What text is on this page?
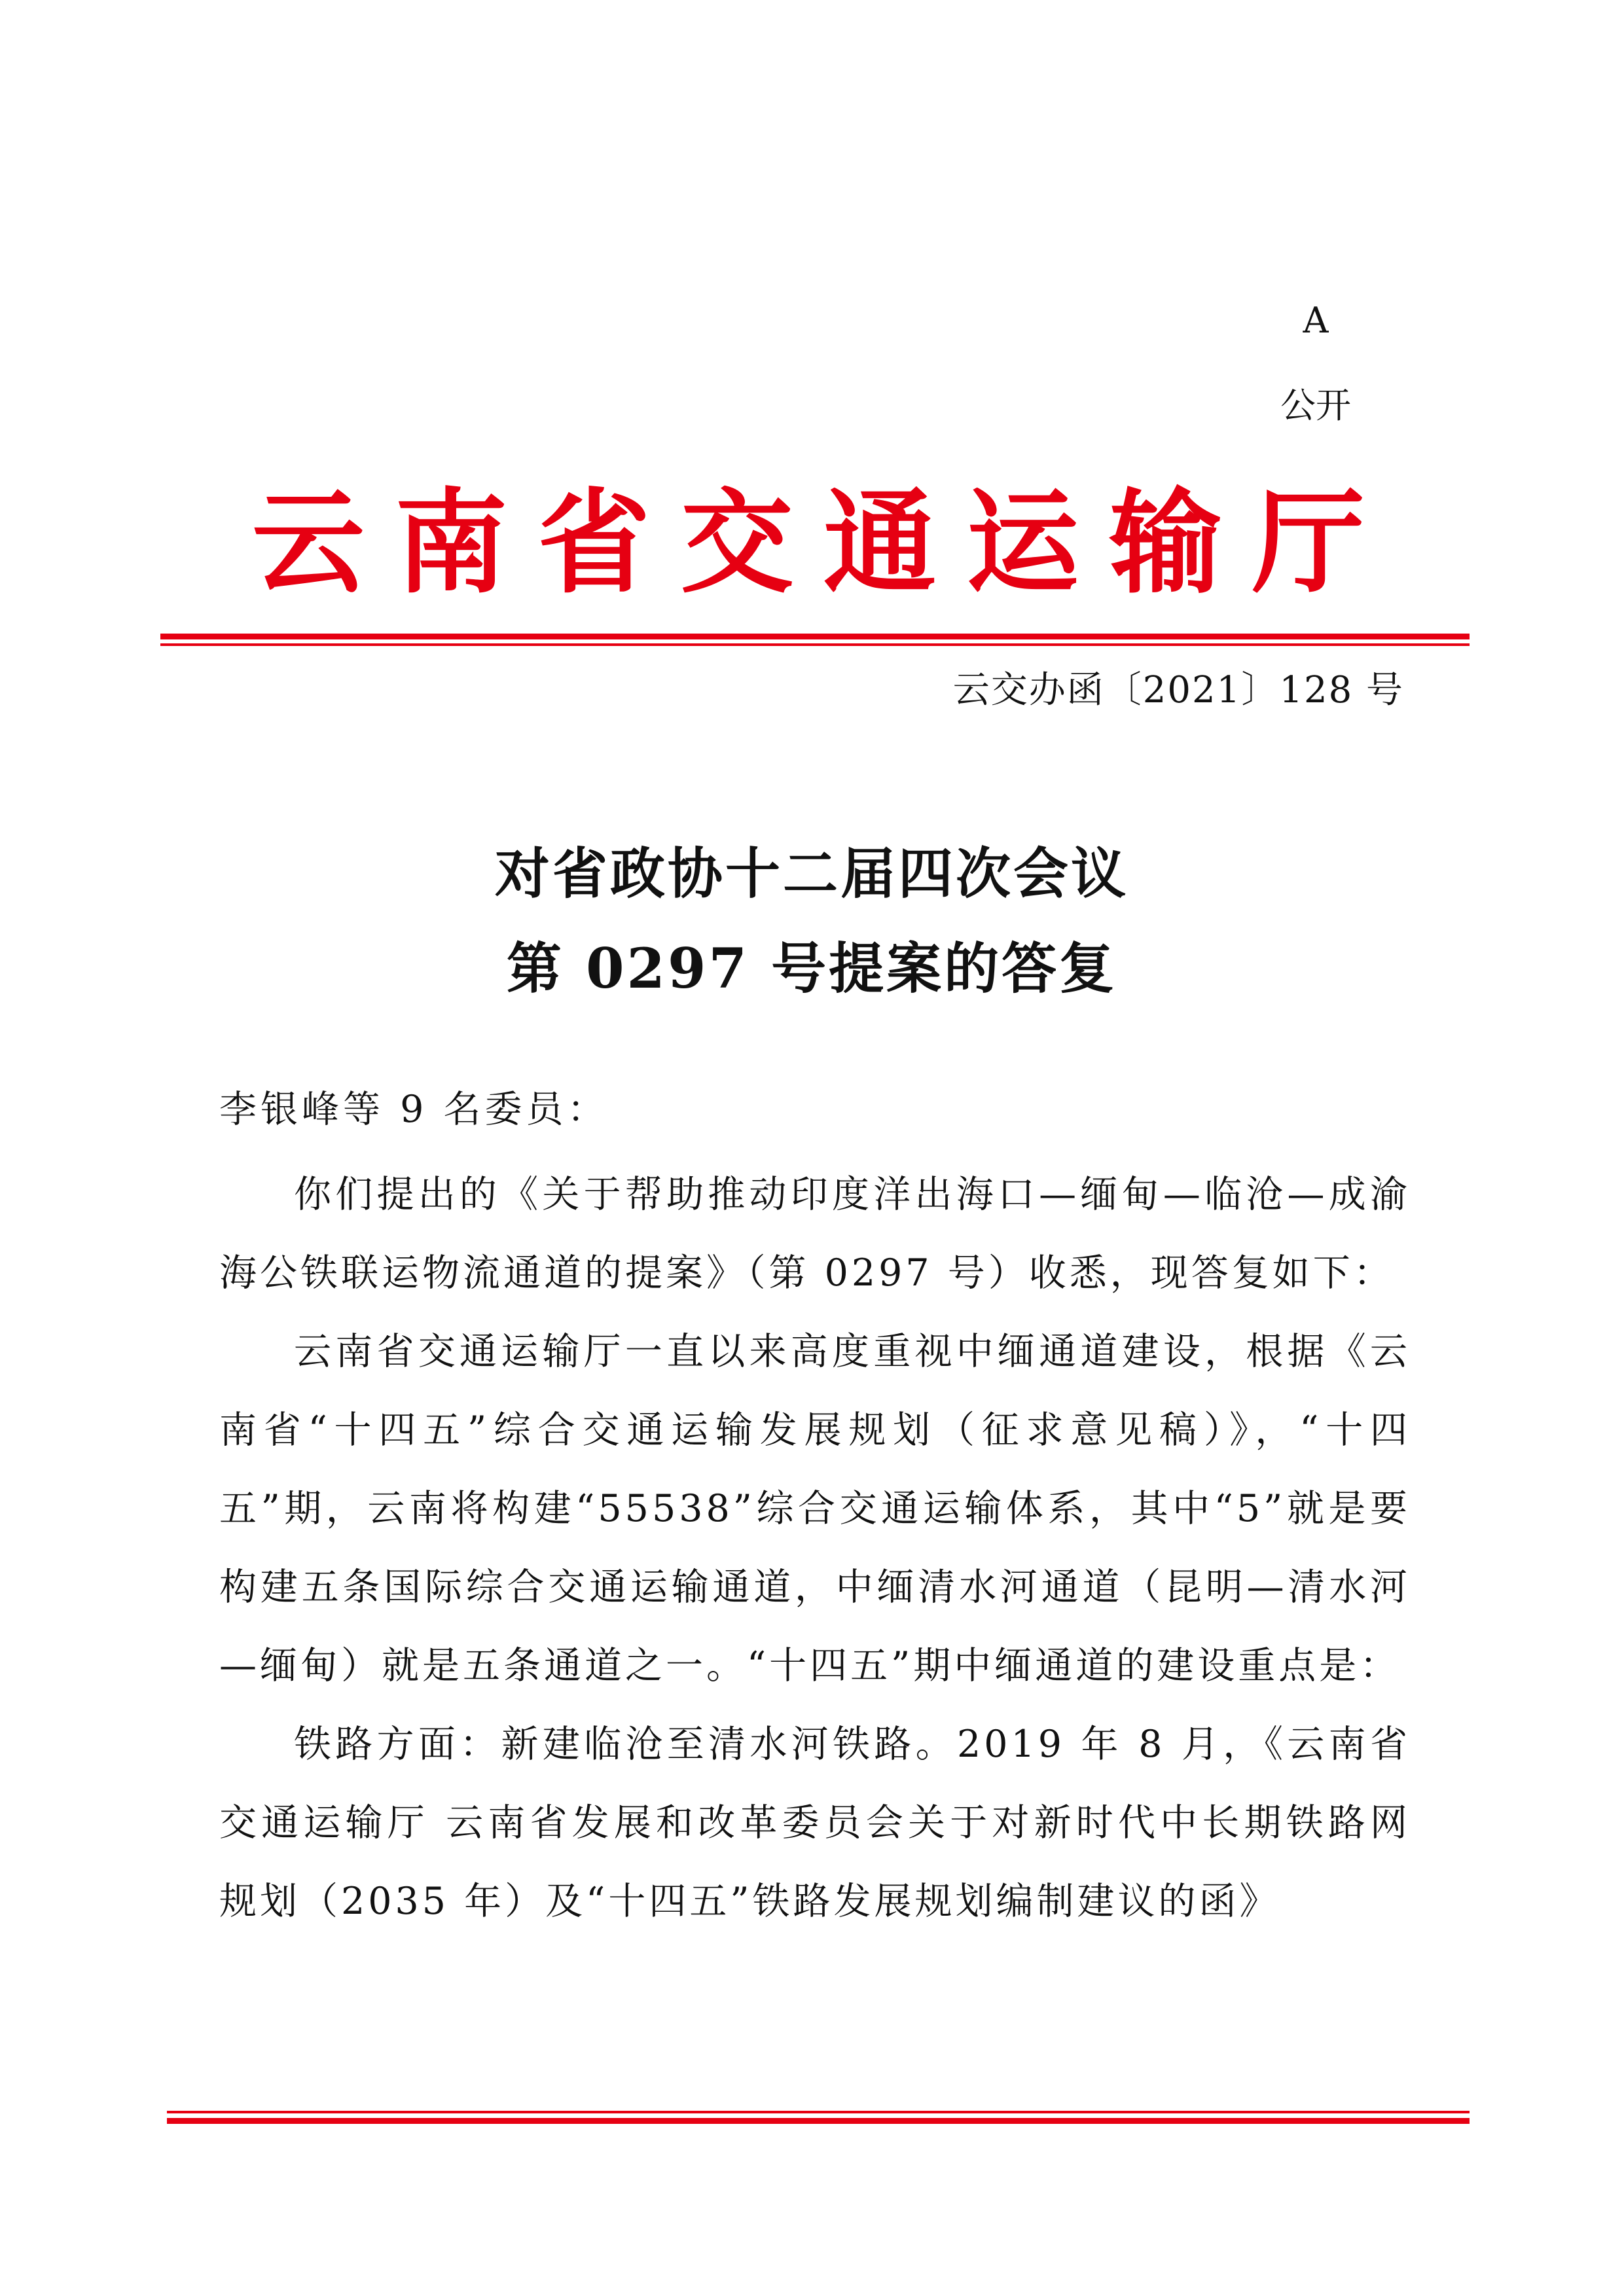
A
公开
云 南 省 交 通 运 输 厅
云交办函〔2021〕128 号
对省政协十二届四次会议
第 0297 号提案的答复
李银峰等 9 名委员：

你们提出的《关于帮助推动印度洋出海口—缅甸—临沧—成渝海公铁联运物流通道的提案》（第 0297 号）收悉，现答复如下：

云南省交通运输厅一直以来高度重视中缅通道建设，根据《云南省“十四五”综合交通运输发展规划（征求意见稿）》，“十四五”期，云南将构建“55538”综合交通运输体系，其中“5”就是要构建五条国际综合交通运输通道，中缅清水河通道（昆明—清水河—缅甸）就是五条通道之一。“十四五”期中缅通道的建设重点是：

铁路方面：新建临沧至清水河铁路。2019 年 8 月，《云南省交通运输厅 云南省发展和改革委员会关于对新时代中长期铁路网规划（2035 年）及“十四五”铁路发展规划编制建议的函》
